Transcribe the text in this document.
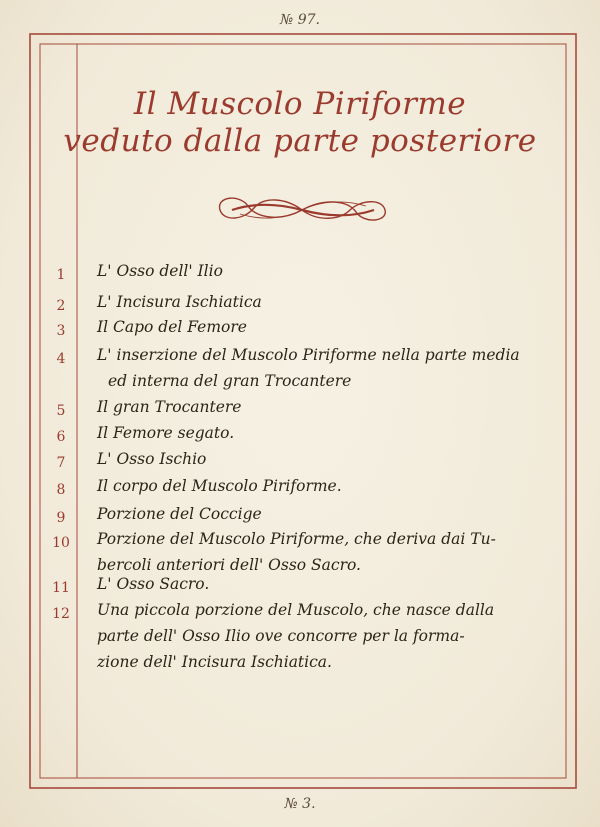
№ 97.
Il Muscolo Piriforme
veduto dalla parte posteriore
1	L' Osso dell' Ilio
2	L' Incisura Ischiatica
3	Il Capo del Femore
4	L' inserzione del Muscolo Piriforme nella parte media
ed interna del gran Trocantere
5	Il gran Trocantere
6	Il Femore segato.
7	L' Osso Ischio
8	Il corpo del Muscolo Piriforme.
9	Porzione del Coccige
10 Porzione del Muscolo Piriforme, che deriva dai Tu-
bercoli anteriori dell' Osso Sacro.
11 L' Osso Sacro.
12 Una piccola porzione del Muscolo, che nasce dalla
parte dell' Osso Ilio ove concorre per la forma-
zione dell' Incisura Ischiatica.
№ 3.
